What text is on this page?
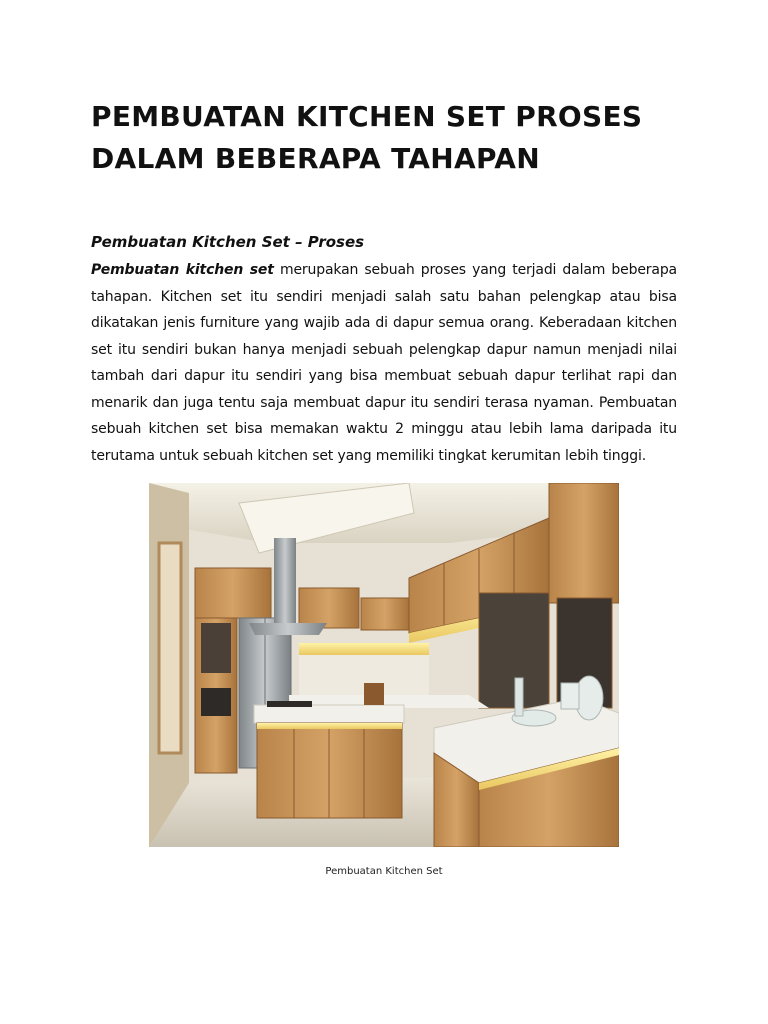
PEMBUATAN KITCHEN SET PROSES DALAM BEBERAPA TAHAPAN
Pembuatan Kitchen Set – Proses

Pembuatan kitchen set merupakan sebuah proses yang terjadi dalam beberapa tahapan. Kitchen set itu sendiri menjadi salah satu bahan pelengkap atau bisa dikatakan jenis furniture yang wajib ada di dapur semua orang. Keberadaan kitchen set itu sendiri bukan hanya menjadi sebuah pelengkap dapur namun menjadi nilai tambah dari dapur itu sendiri yang bisa membuat sebuah dapur terlihat rapi dan menarik dan juga tentu saja membuat dapur itu sendiri terasa nyaman. Pembuatan sebuah kitchen set bisa memakan waktu 2 minggu atau lebih lama daripada itu terutama untuk sebuah kitchen set yang memiliki tingkat kerumitan lebih tinggi.

Pembuatan Kitchen Set
